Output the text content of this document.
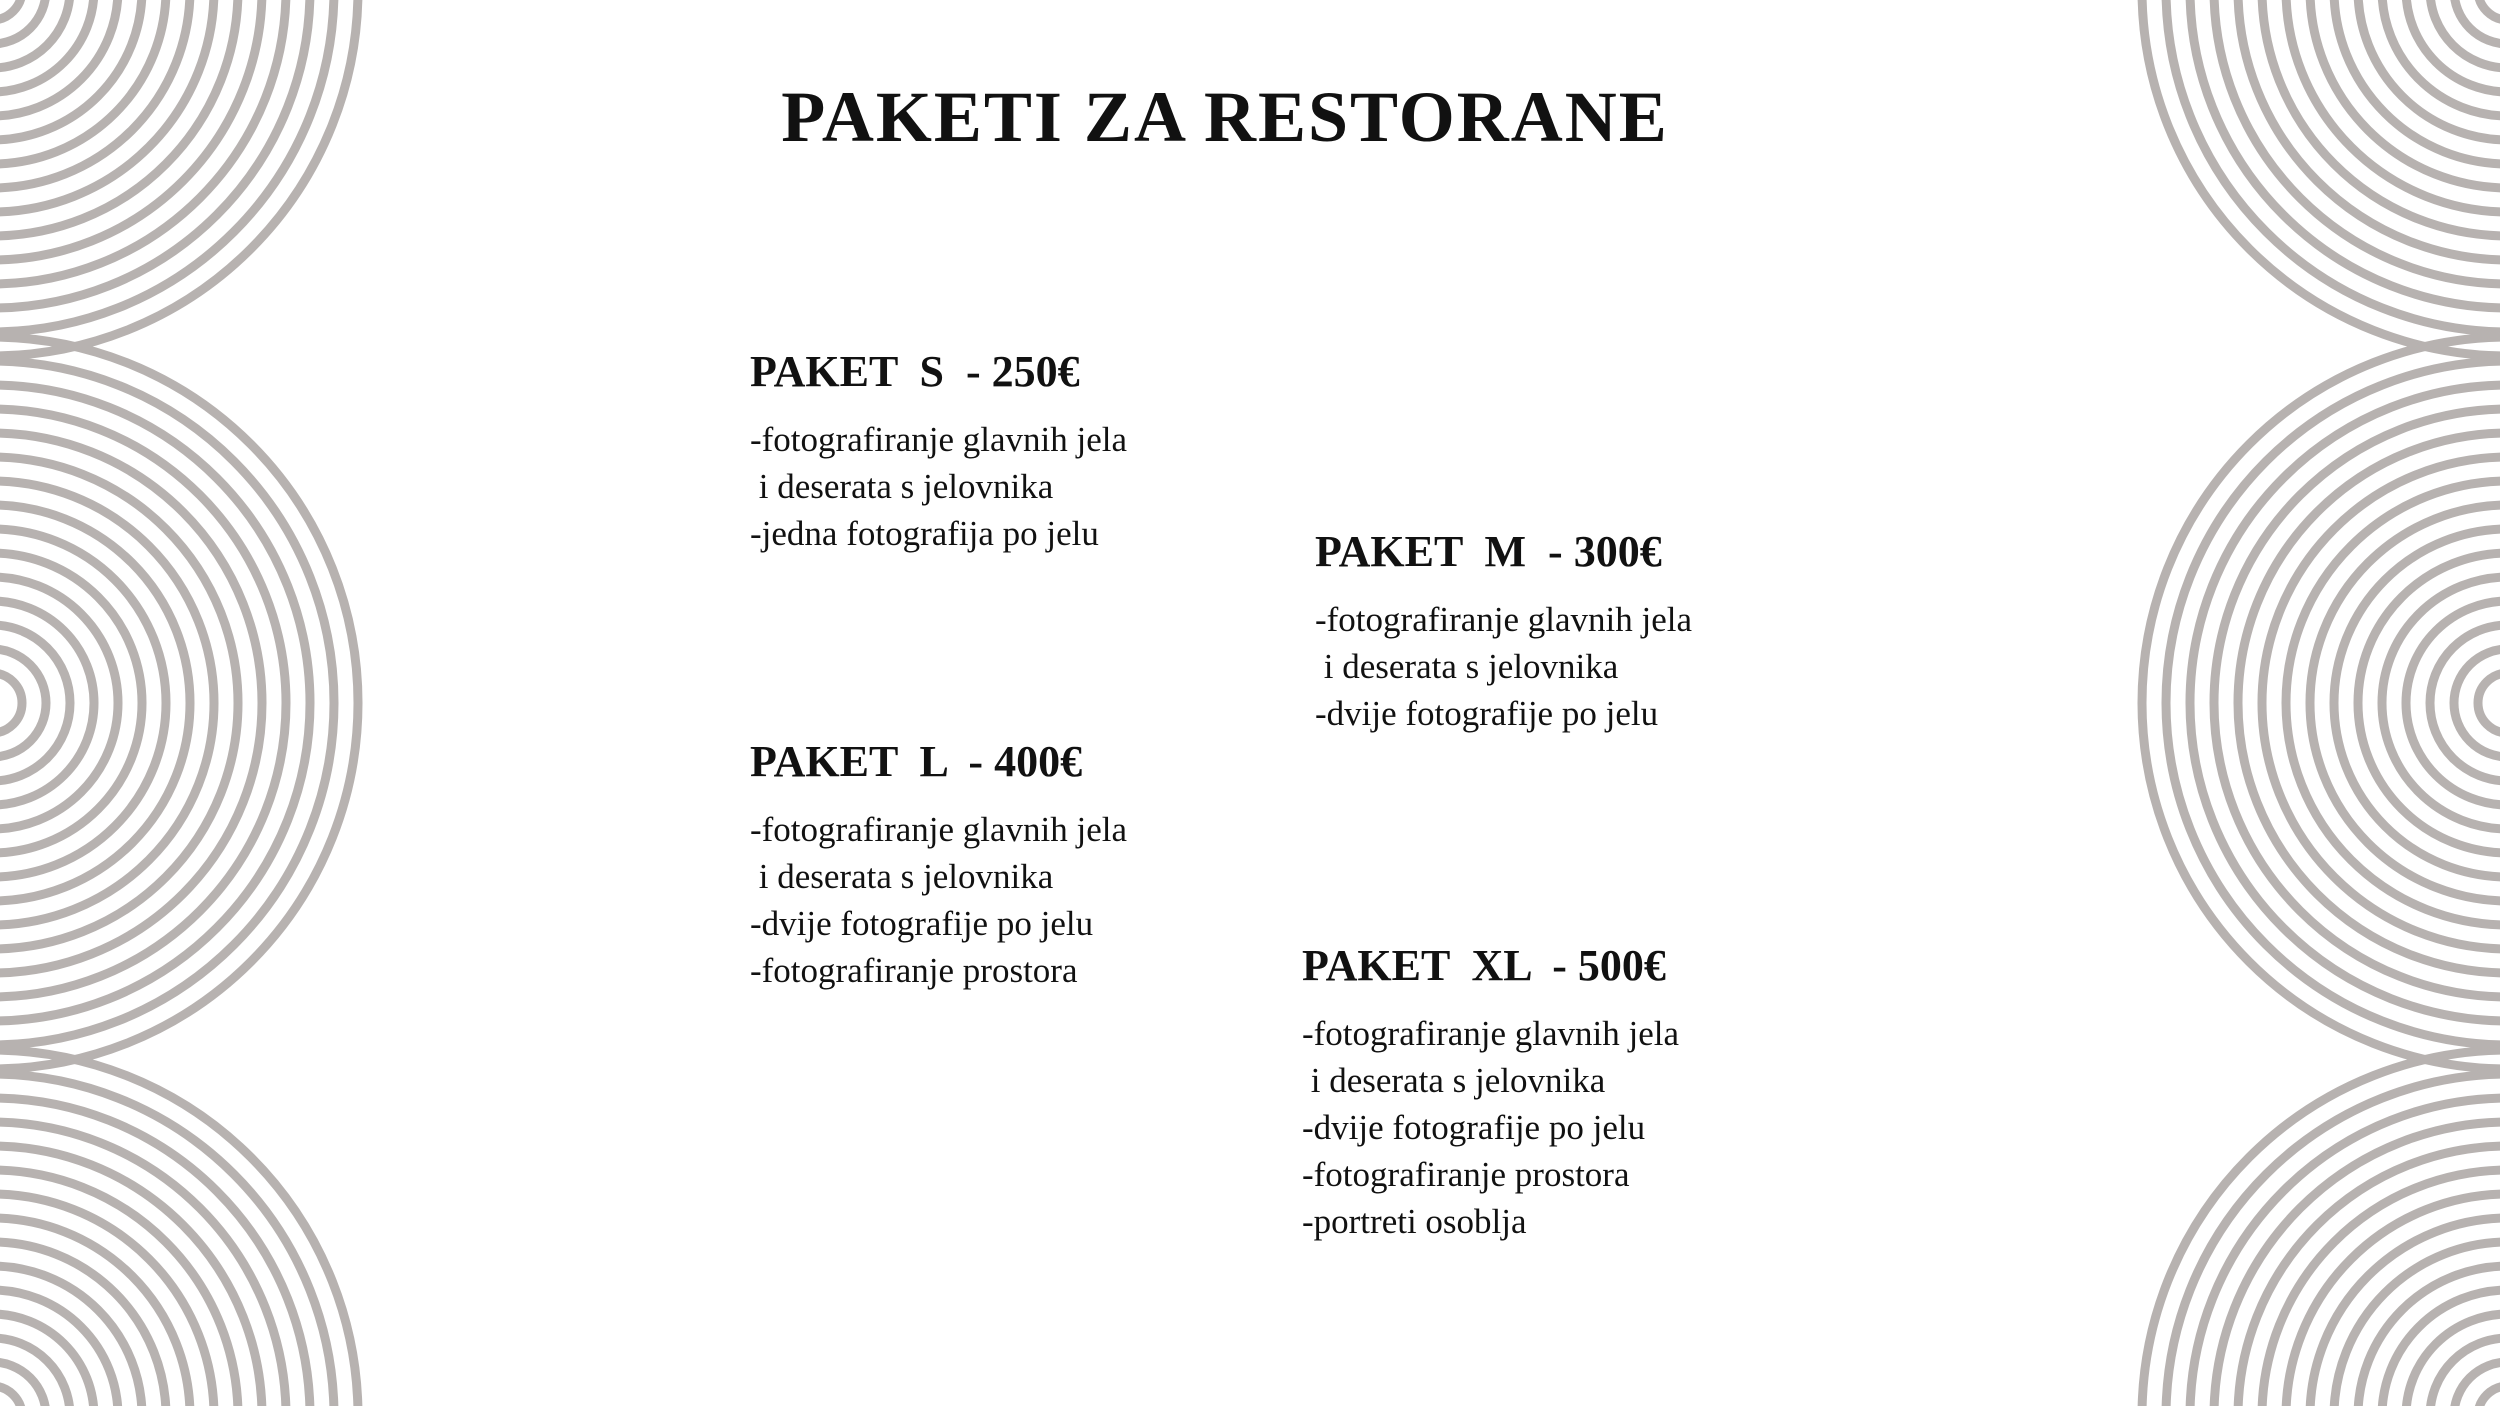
PAKETI ZA RESTORANE
PAKET  S  - 250€
-fotografiranje glavnih jela
i deserata s jelovnika
-jedna fotografija po jelu	PAKET  M  - 300€
-fotografiranje glavnih jela
i deserata s jelovnika
-dvije fotografije po jelu
PAKET  L  - 400€
-fotografiranje glavnih jela
i deserata s jelovnika
-dvije fotografije po jelu
-fotografiranje prostora	PAKET  XL  - 500€
-fotografiranje glavnih jela
i deserata s jelovnika
-dvije fotografije po jelu
-fotografiranje prostora
-portreti osoblja
